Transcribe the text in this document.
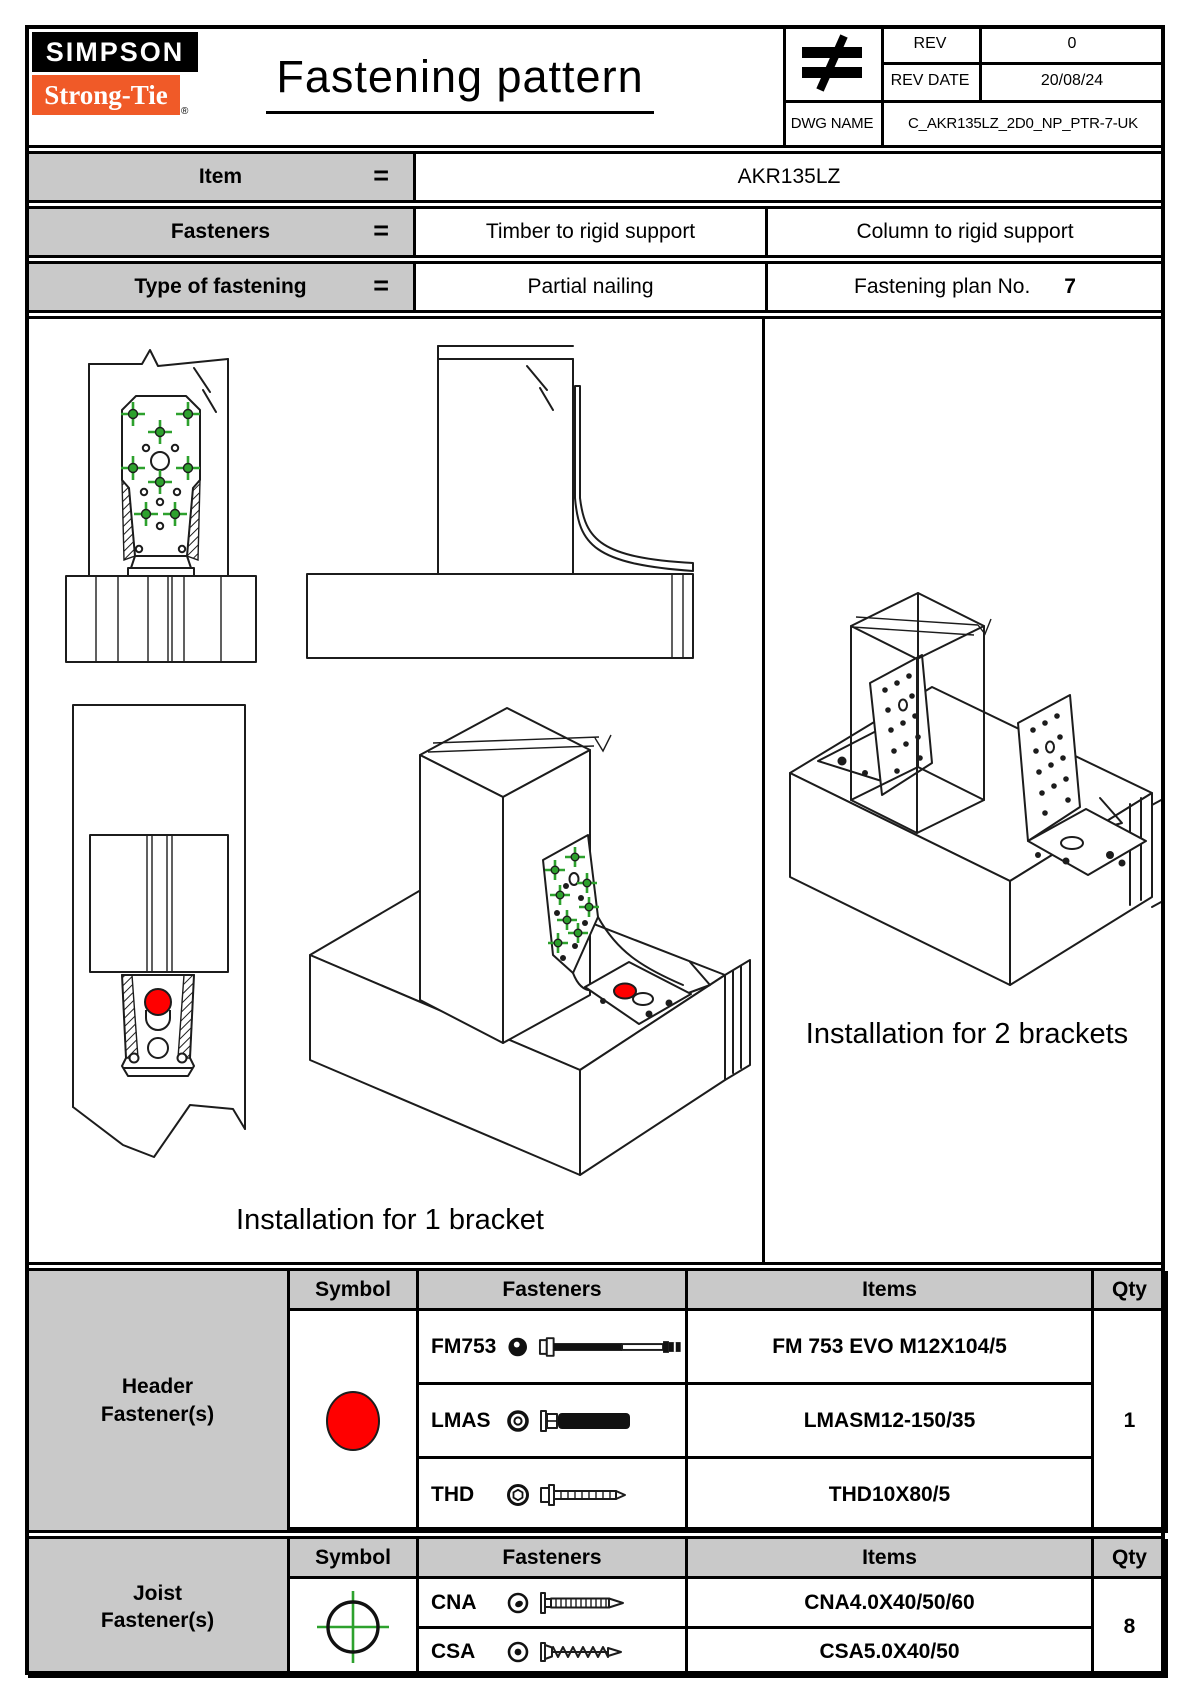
SIMPSON
Strong-Tie
®
Fastening pattern
REV	0
REV DATE	20/08/24
DWG NAME	C_AKR135LZ_2D0_NP_PTR-7-UK
Item	=	AKR135LZ
Fasteners	=	Timber to rigid support	Column to rigid support
Type of fastening =	Partial nailing	Fastening plan No. 7
Installation for 1 bracket
Installation for 2 brackets
Header
Fastener(s)
Symbol	Fasteners	Items	Qty
FM753	FM 753 EVO M12X104/5
LMAS	LMASM12-150/35
THD	THD10X80/5
1
Joist
Fastener(s)
Symbol	Fasteners	Items	Qty
CNA	CNA4.0X40/50/60
CSA	CSA5.0X40/50
8
